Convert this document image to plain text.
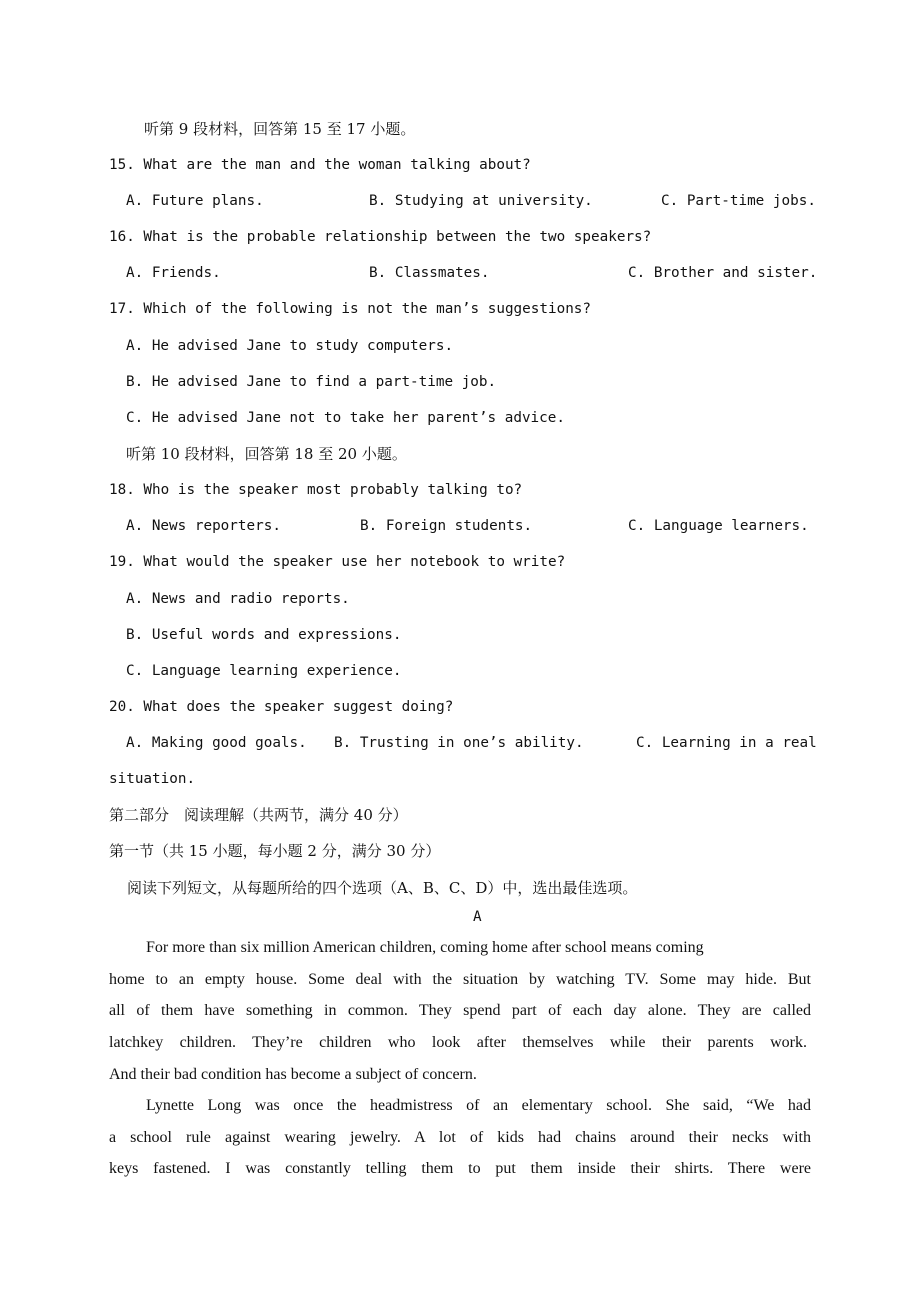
听第 9 段材料，回答第 15 至 17 小题。
15. What are the man and the woman talking about?
A. Future plans.	B. Studying at university.	C. Part-time jobs.
16. What is the probable relationship between the two speakers?
A. Friends.	B. Classmates.	C. Brother and sister.
17. Which of the following is not the man’s suggestions?
A. He advised Jane to study computers.
B. He advised Jane to find a part-time job.
C. He advised Jane not to take her parent’s advice.
听第 10 段材料，回答第 18 至 20 小题。
18. Who is the speaker most probably talking to?
A. News reporters.	B. Foreign students.	C. Language learners.
19. What would the speaker use her notebook to write?
A. News and radio reports.
B. Useful words and expressions.
C. Language learning experience.
20. What does the speaker suggest doing?
A. Making good goals. B. Trusting in one’s ability.	C. Learning in a real
situation.
第二部分　阅读理解（共两节，满分 40 分）
第一节（共 15 小题，每小题 2 分，满分 30 分）
阅读下列短文，从每题所给的四个选项（A、B、C、D）中，选出最佳选项。
A
For more than six million American children, coming home after school means coming
home to an empty house. Some deal with the situation by watching TV. Some may hide. But
all of them have something in common. They spend part of each day alone. They are called
latchkey children. They’re children who look after themselves while their parents work.
And their bad condition has become a subject of concern.
Lynette Long was once the headmistress of an elementary school. She said, “We had
a school rule against wearing jewelry. A lot of kids had chains around their necks with
keys fastened. I was constantly telling them to put them inside their shirts. There were
